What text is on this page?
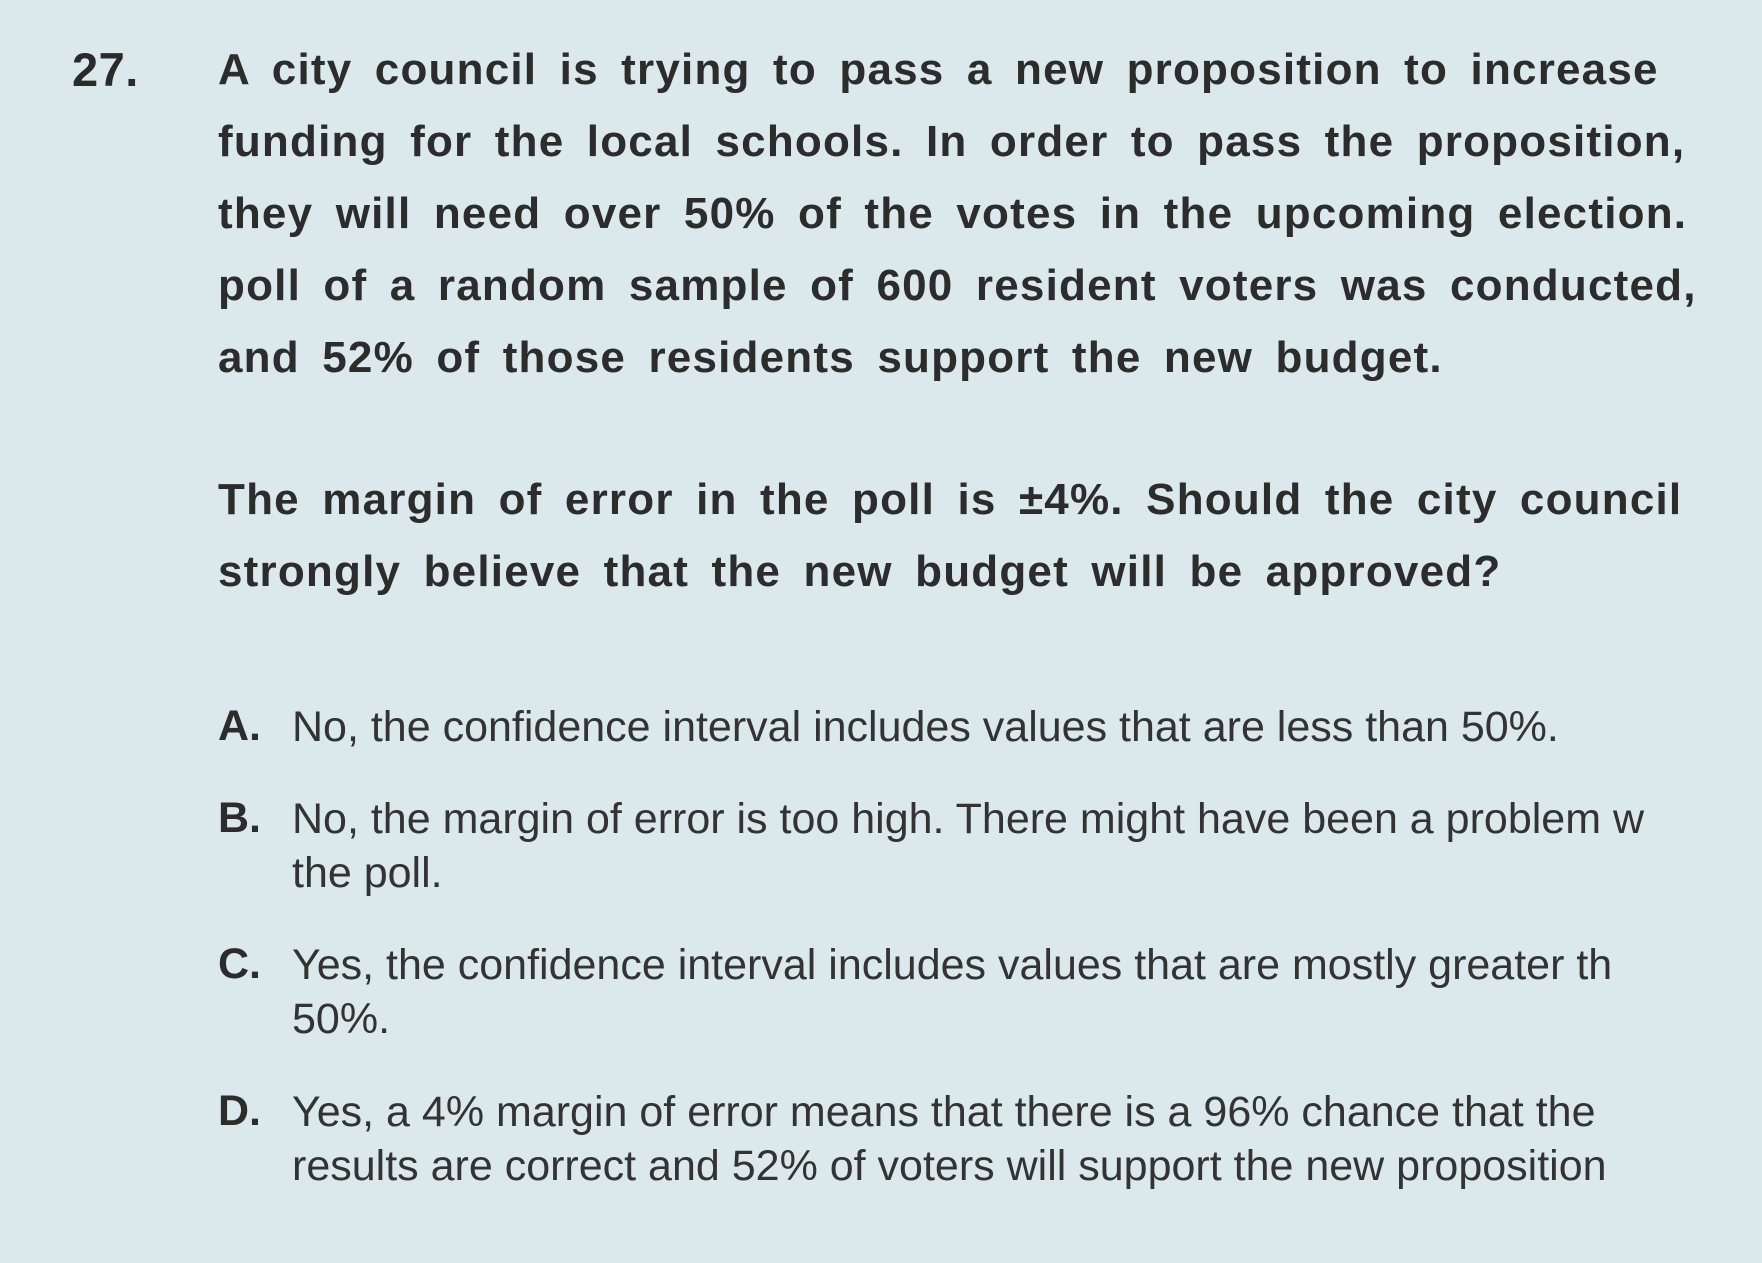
27. A city council is trying to pass a new proposition to increase
funding for the local schools. In order to pass the proposition,
they will need over 50% of the votes in the upcoming election.
poll of a random sample of 600 resident voters was conducted,
and 52% of those residents support the new budget.
The margin of error in the poll is ±4%. Should the city council
strongly believe that the new budget will be approved?
A. No, the confidence interval includes values that are less than 50%.
B. No, the margin of error is too high. There might have been a problem w
the poll.
C. Yes, the confidence interval includes values that are mostly greater th
50%.
D. Yes, a 4% margin of error means that there is a 96% chance that the
results are correct and 52% of voters will support the new proposition
